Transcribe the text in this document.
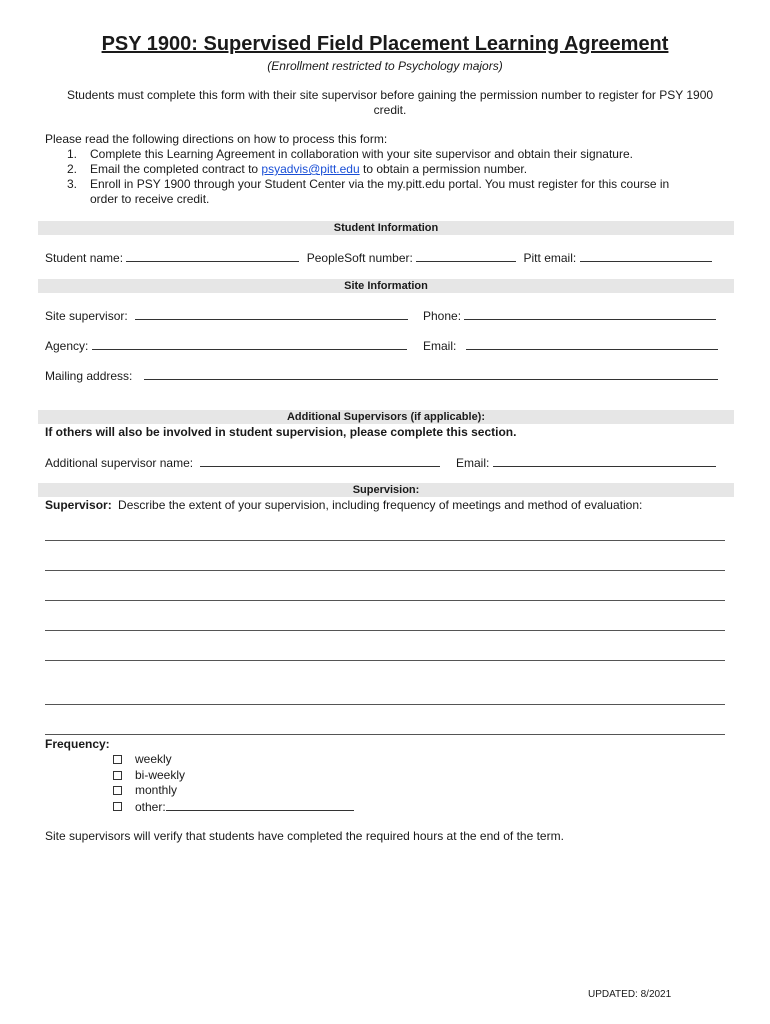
PSY 1900: Supervised Field Placement Learning Agreement
(Enrollment restricted to Psychology majors)
Students must complete this form with their site supervisor before gaining the permission number to register for PSY 1900
credit.
Please read the following directions on how to process this form:
1. Complete this Learning Agreement in collaboration with your site supervisor and obtain their signature.
2. Email the completed contract to psyadvis@pitt.edu to obtain a permission number.
3. Enroll in PSY 1900 through your Student Center via the my.pitt.edu portal. You must register for this course in
order to receive credit.
Student Information
Student name:	PeopleSoft number:	Pitt email:
Site Information
Site supervisor:	Phone:
Agency:	Email:
Mailing address:
Additional Supervisors (if applicable):
If others will also be involved in student supervision, please complete this section.
Additional supervisor name:	Email:
Supervision:
Supervisor: Describe the extent of your supervision, including frequency of meetings and method of evaluation:
Frequency:
weekly
bi-weekly
monthly
other:
Site supervisors will verify that students have completed the required hours at the end of the term.
UPDATED: 8/2021
